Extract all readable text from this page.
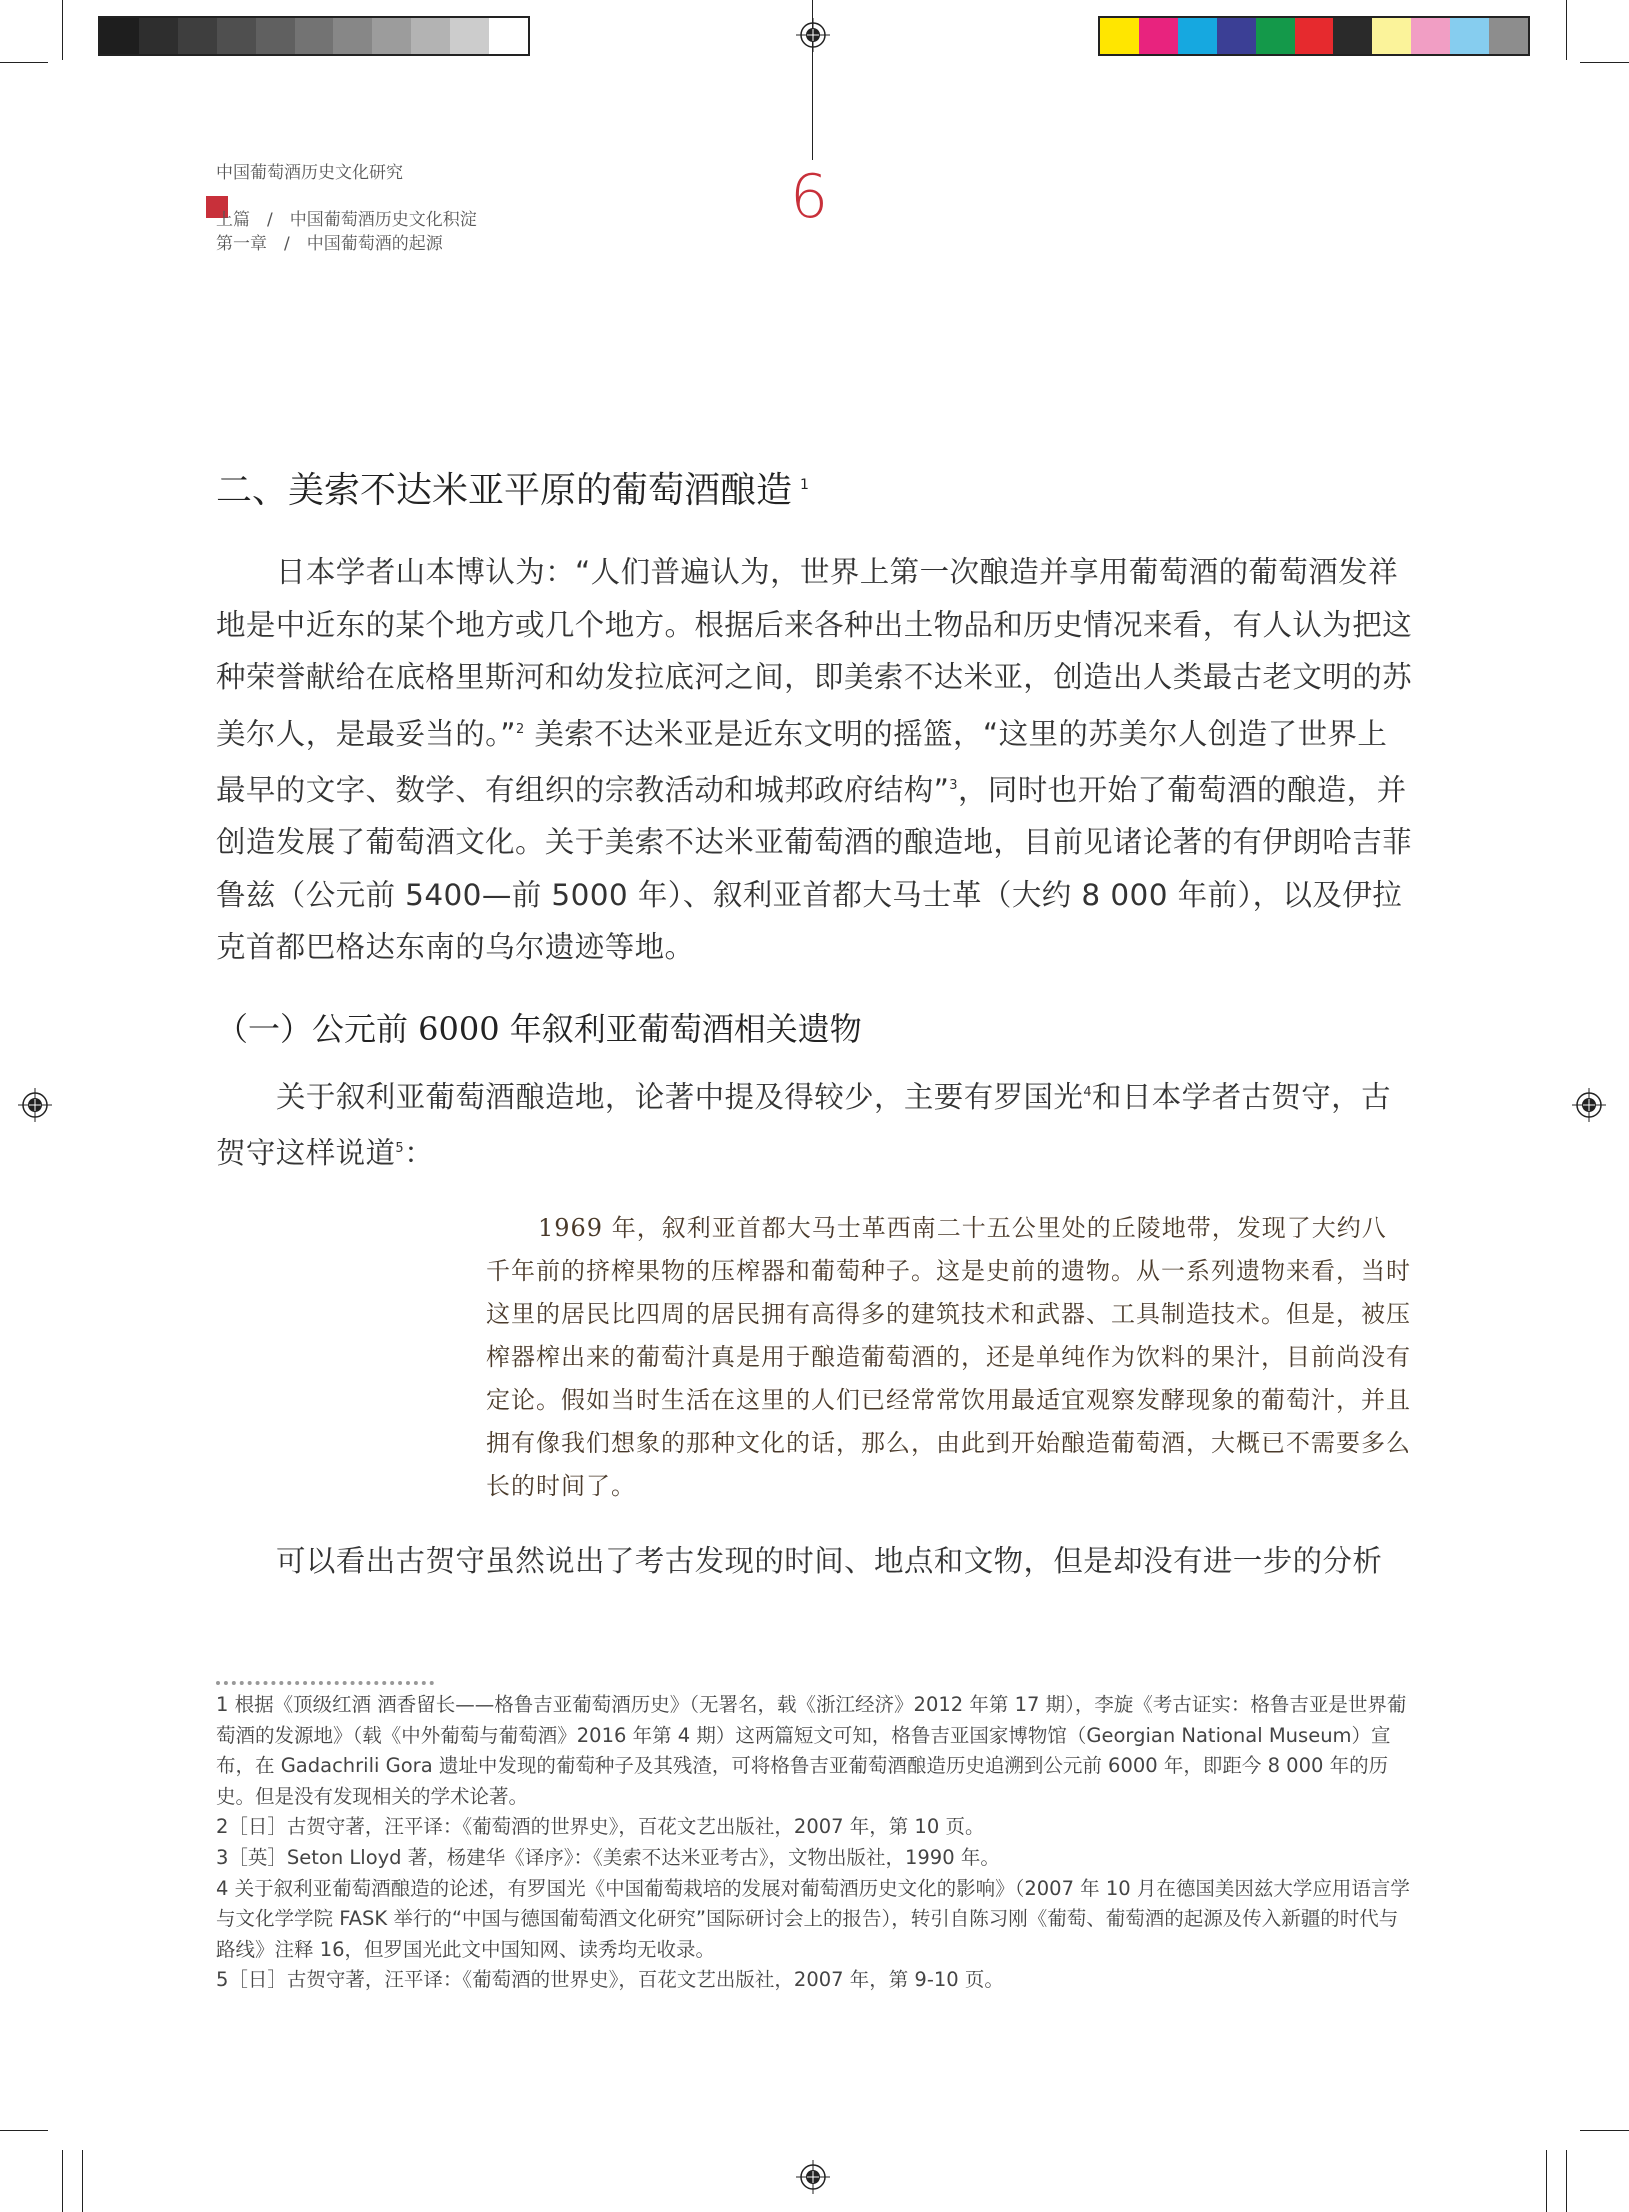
中国葡萄酒历史文化研究
上篇　/　中国葡萄酒历史文化积淀
第一章　/　中国葡萄酒的起源
6
二、美索不达米亚平原的葡萄酒酿造 $^1$

日本学者山本博认为：“人们普遍认为，世界上第一次酿造并享用葡萄酒的葡萄酒发祥地是中近东的某个地方或几个地方。根据后来各种出土物品和历史情况来看，有人认为把这种荣誉献给在底格里斯河和幼发拉底河之间，即美索不达米亚，创造出人类最古老文明的苏美尔人，是最妥当的。”$^2$ 美索不达米亚是近东文明的摇篮，“这里的苏美尔人创造了世界上最早的文字、数学、有组织的宗教活动和城邦政府结构”$^3$，同时也开始了葡萄酒的酿造，并创造发展了葡萄酒文化。关于美索不达米亚葡萄酒的酿造地，目前见诸论著的有伊朗哈吉菲鲁兹（公元前 5400—前 5000 年）、叙利亚首都大马士革（大约 8 000 年前），以及伊拉克首都巴格达东南的乌尔遗迹等地。

（一）公元前 6000 年叙利亚葡萄酒相关遗物

关于叙利亚葡萄酒酿造地，论著中提及得较少，主要有罗国光$^4$和日本学者古贺守，古贺守这样说道$^5$：

1969 年，叙利亚首都大马士革西南二十五公里处的丘陵地带，发现了大约八千年前的挤榨果物的压榨器和葡萄种子。这是史前的遗物。从一系列遗物来看，当时这里的居民比四周的居民拥有高得多的建筑技术和武器、工具制造技术。但是，被压榨器榨出来的葡萄汁真是用于酿造葡萄酒的，还是单纯作为饮料的果汁，目前尚没有定论。假如当时生活在这里的人们已经常常饮用最适宜观察发酵现象的葡萄汁，并且拥有像我们想象的那种文化的话，那么，由此到开始酿造葡萄酒，大概已不需要多么长的时间了。

可以看出古贺守虽然说出了考古发现的时间、地点和文物，但是却没有进一步的分析

1 根据《顶级红酒 酒香留长——格鲁吉亚葡萄酒历史》（无署名，载《浙江经济》2012 年第 17 期），李旋《考古证实：格鲁吉亚是世界葡萄酒的发源地》（载《中外葡萄与葡萄酒》2016 年第 4 期）这两篇短文可知，格鲁吉亚国家博物馆（Georgian National Museum）宣布，在 Gadachrili Gora 遗址中发现的葡萄种子及其残渣，可将格鲁吉亚葡萄酒酿造历史追溯到公元前 6000 年，即距今 8 000 年的历史。但是没有发现相关的学术论著。
2［日］古贺守著，汪平译：《葡萄酒的世界史》，百花文艺出版社，2007 年，第 10 页。
3［英］Seton Lloyd 著，杨建华《译序》：《美索不达米亚考古》，文物出版社，1990 年。
4 关于叙利亚葡萄酒酿造的论述，有罗国光《中国葡萄栽培的发展对葡萄酒历史文化的影响》（2007 年 10 月在德国美因兹大学应用语言学与文化学学院 FASK 举行的“中国与德国葡萄酒文化研究”国际研讨会上的报告），转引自陈习刚《葡萄、葡萄酒的起源及传入新疆的时代与路线》注释 16，但罗国光此文中国知网、读秀均无收录。
5［日］古贺守著，汪平译：《葡萄酒的世界史》，百花文艺出版社，2007 年，第 9-10 页。
